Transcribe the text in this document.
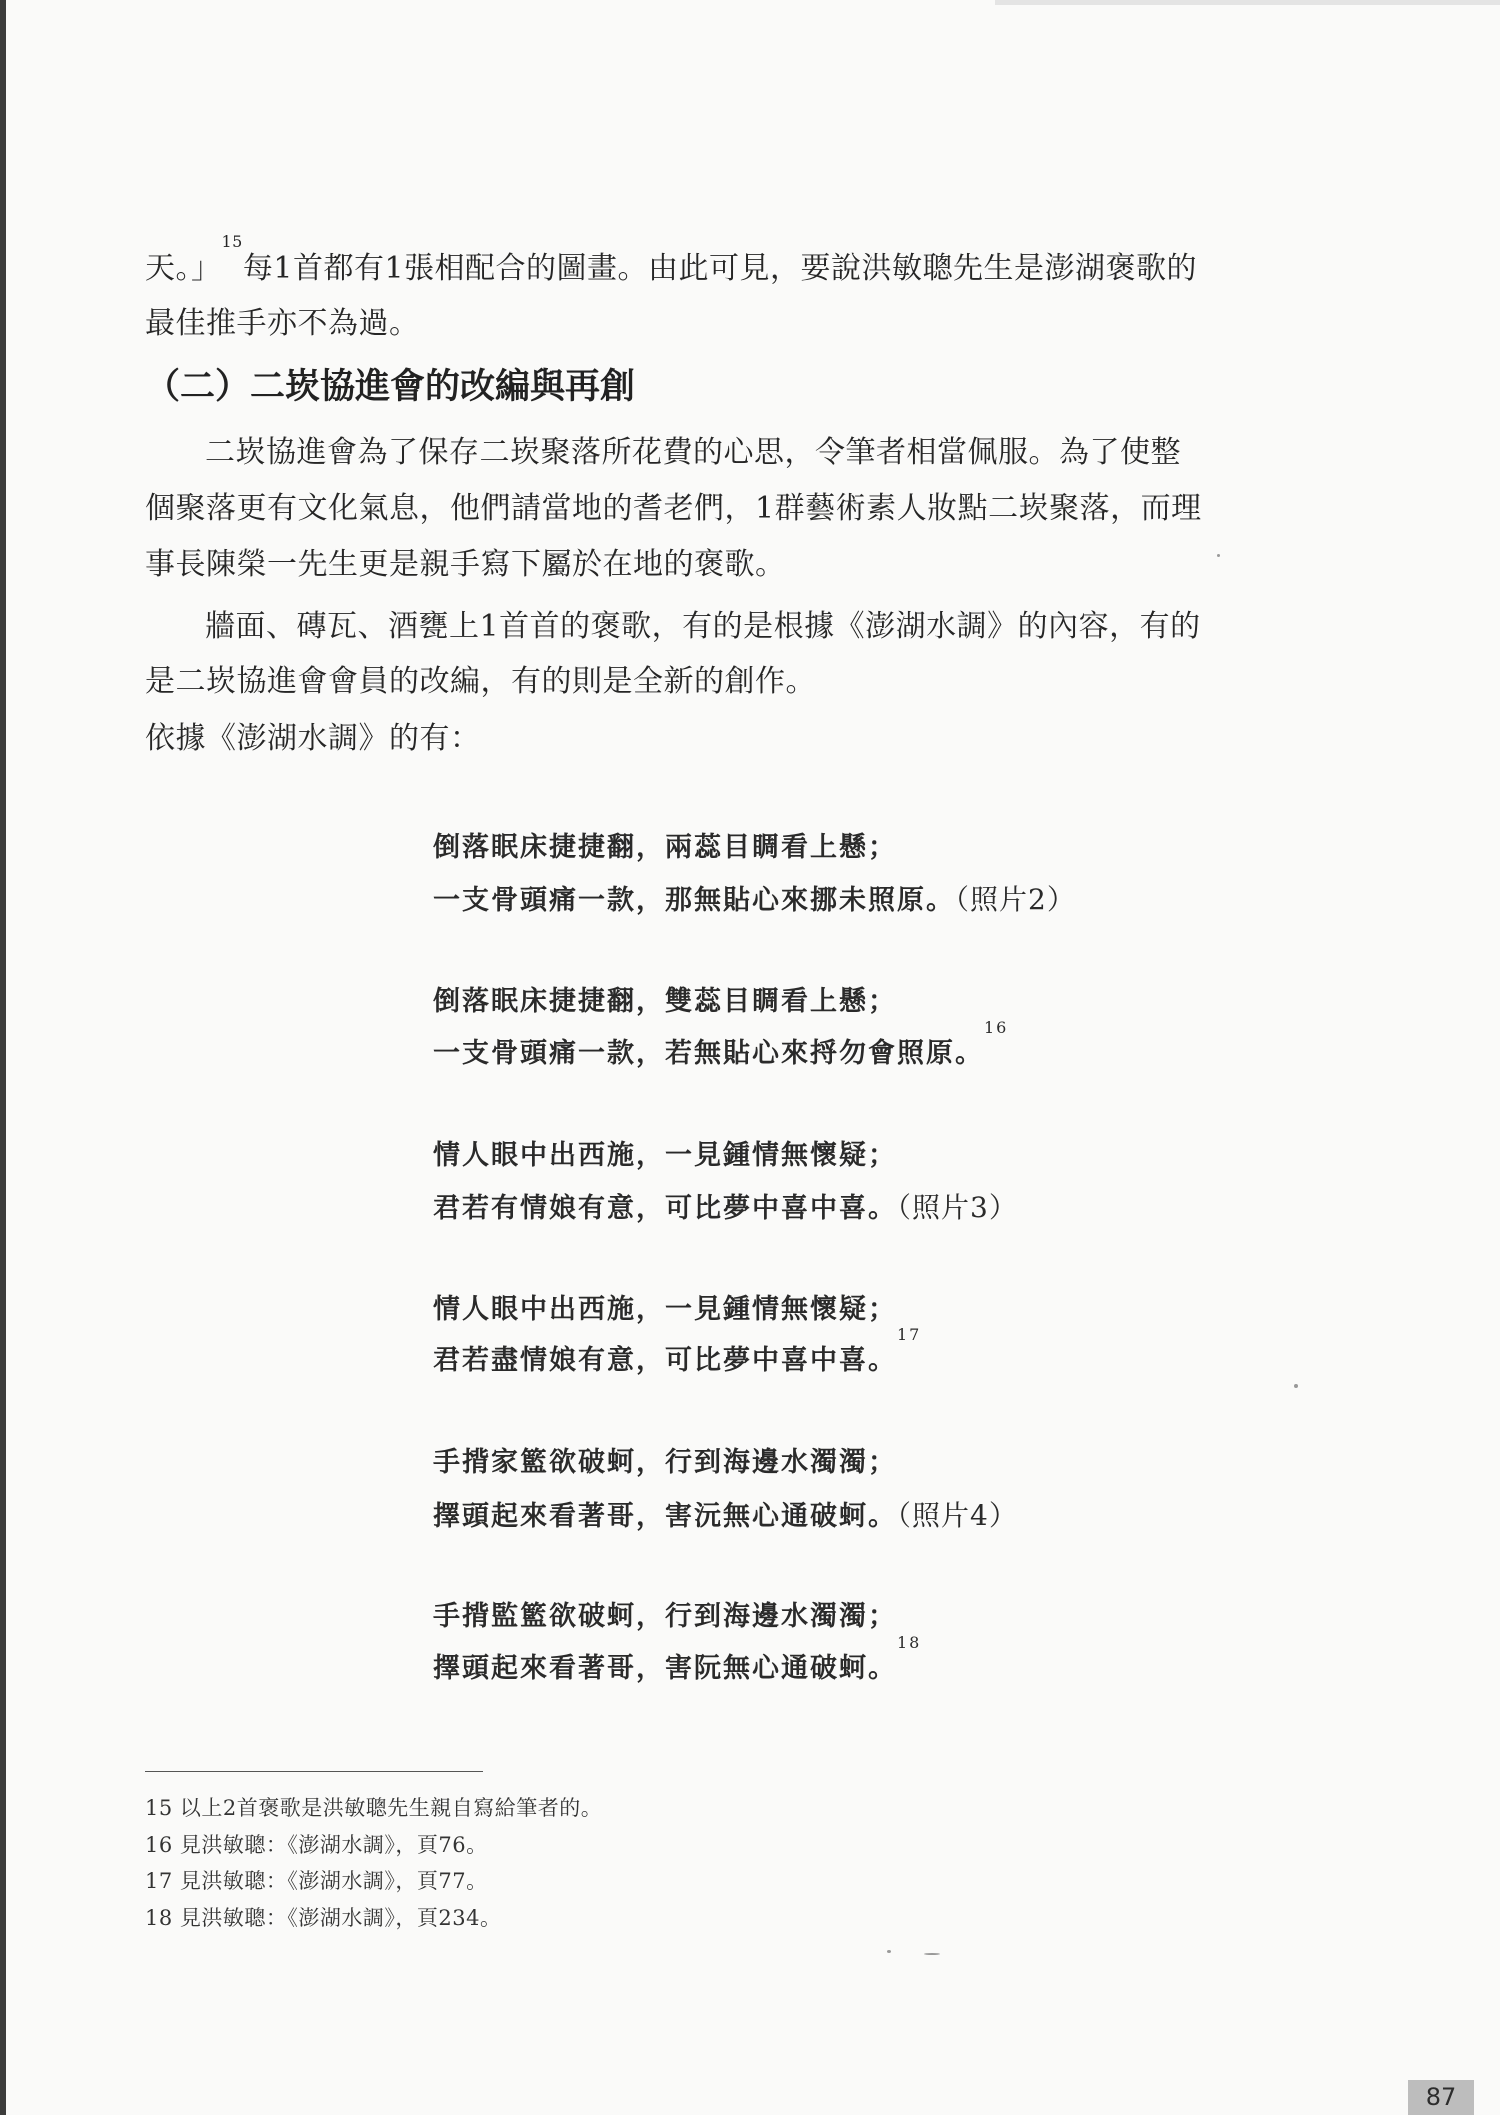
天。」$^{15}$每1首都有1張相配合的圖畫。由此可見，要說洪敏聰先生是澎湖褒歌的
最佳推手亦不為過。
（二）二崁協進會的改編與再創
二崁協進會為了保存二崁聚落所花費的心思，令筆者相當佩服。為了使整
個聚落更有文化氣息，他們請當地的耆老們，1群藝術素人妝點二崁聚落，而理
事長陳榮一先生更是親手寫下屬於在地的褒歌。
牆面、磚瓦、酒甕上1首首的褒歌，有的是根據《澎湖水調》的內容，有的
是二崁協進會會員的改編，有的則是全新的創作。
依據《澎湖水調》的有：
倒落眠床捷捷翻，兩蕊目睭看上懸；
一支骨頭痛一款，那無貼心來挪未照原。（照片2）
倒落眠床捷捷翻，雙蕊目睭看上懸；
一支骨頭痛一款，若無貼心來捋勿會照原。$^{16}$
情人眼中出西施，一見鍾情無懷疑；
君若有情娘有意，可比夢中喜中喜。（照片3）
情人眼中出西施，一見鍾情無懷疑；
君若盡情娘有意，可比夢中喜中喜。$^{17}$
手揹家籃欲破蚵，行到海邊水濁濁；
擇頭起來看著哥，害沅無心通破蚵。（照片4）
手揹監籃欲破蚵，行到海邊水濁濁；
擇頭起來看著哥，害阮無心通破蚵。$^{18}$
15 以上2首褒歌是洪敏聰先生親自寫給筆者的。
16 見洪敏聰：《澎湖水調》，頁76。
17 見洪敏聰：《澎湖水調》，頁77。
18 見洪敏聰：《澎湖水調》，頁234。
87
